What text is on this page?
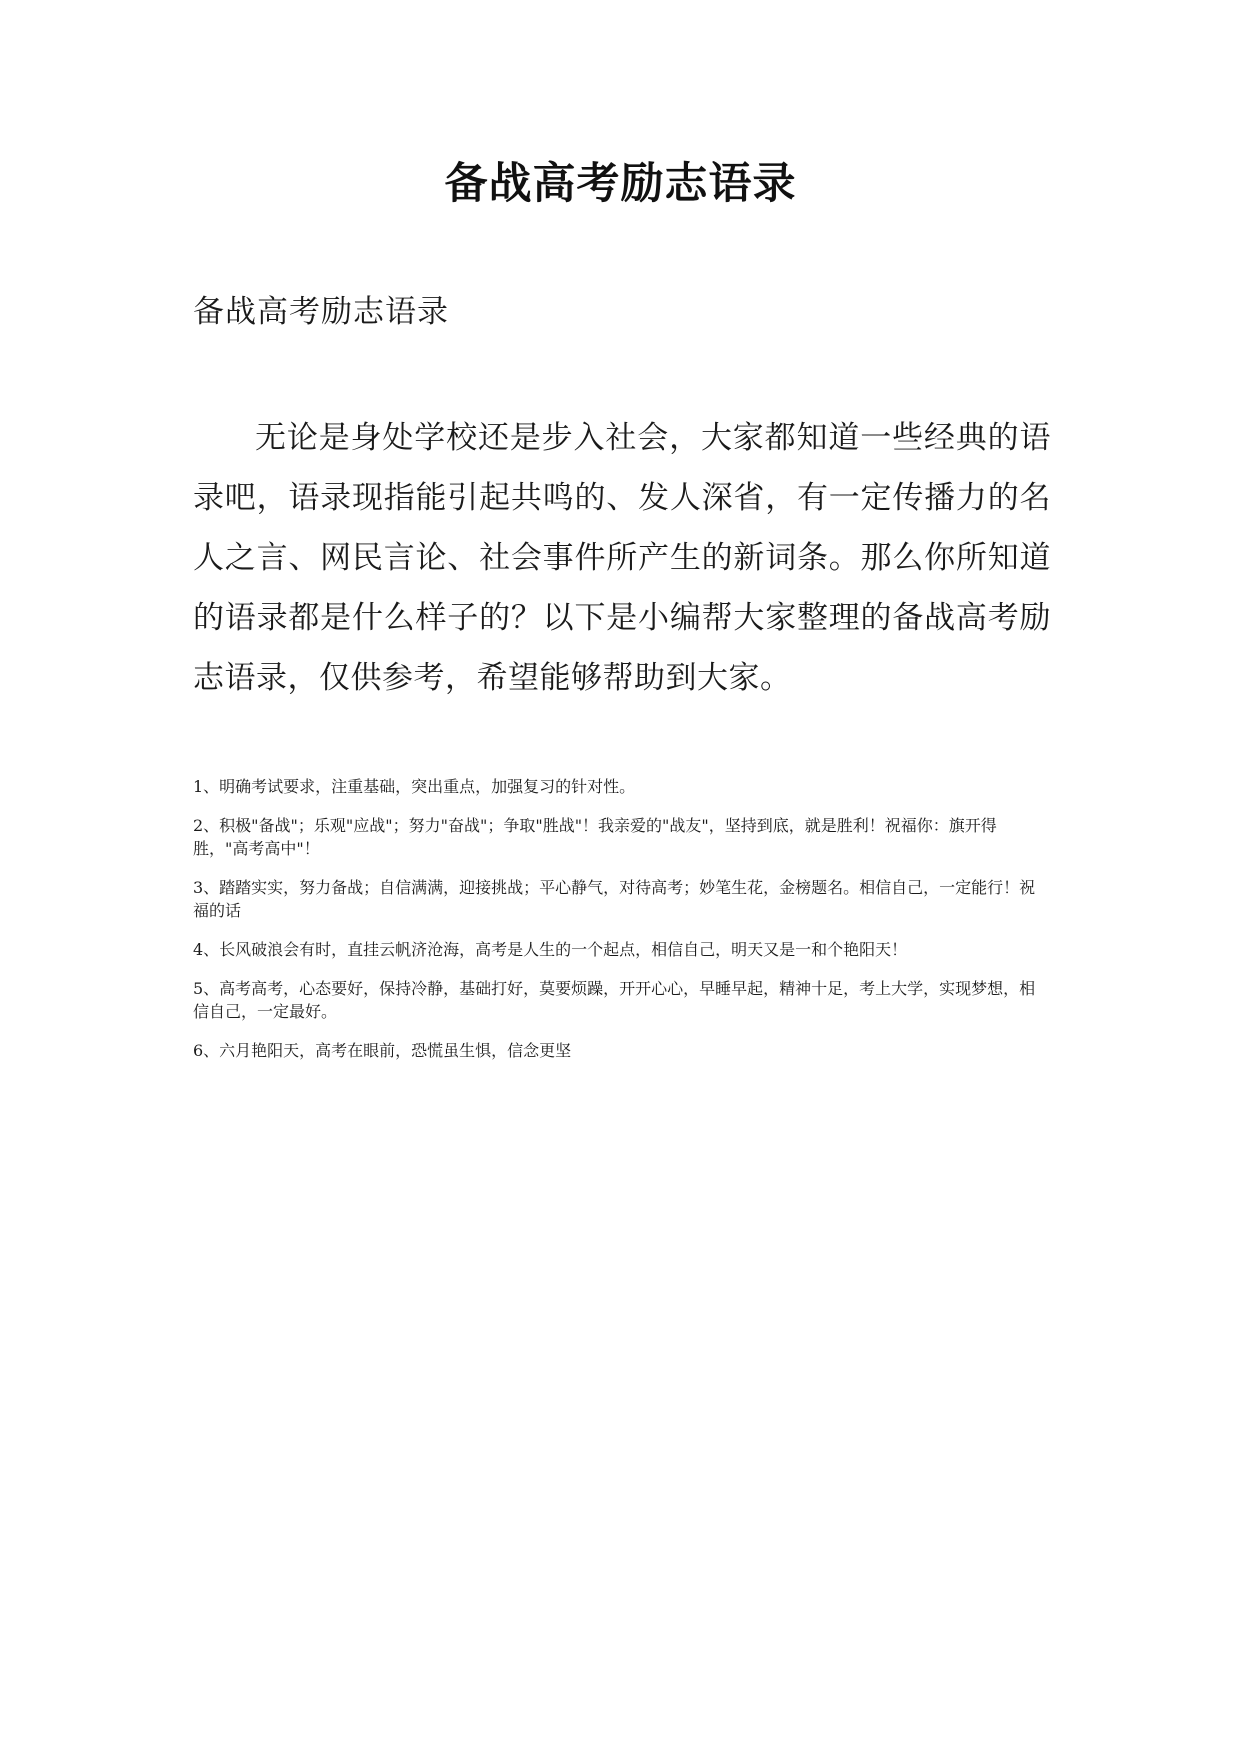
备战高考励志语录
备战高考励志语录

无论是身处学校还是步入社会，大家都知道一些经典的语录吧，语录现指能引起共鸣的、发人深省，有一定传播力的名人之言、网民言论、社会事件所产生的新词条。那么你所知道的语录都是什么样子的？以下是小编帮大家整理的备战高考励志语录，仅供参考，希望能够帮助到大家。

1、明确考试要求，注重基础，突出重点，加强复习的针对性。

2、积极"备战"；乐观"应战"；努力"奋战"；争取"胜战"！我亲爱的"战友"，坚持到底，就是胜利！祝福你：旗开得胜，"高考高中"！

3、踏踏实实，努力备战；自信满满，迎接挑战；平心静气，对待高考；妙笔生花，金榜题名。相信自己，一定能行！祝福的话

4、长风破浪会有时，直挂云帆济沧海，高考是人生的一个起点，相信自己，明天又是一和个艳阳天！

5、高考高考，心态要好，保持冷静，基础打好，莫要烦躁，开开心心，早睡早起，精神十足，考上大学，实现梦想，相信自己，一定最好。

6、六月艳阳天，高考在眼前，恐慌虽生惧，信念更坚
